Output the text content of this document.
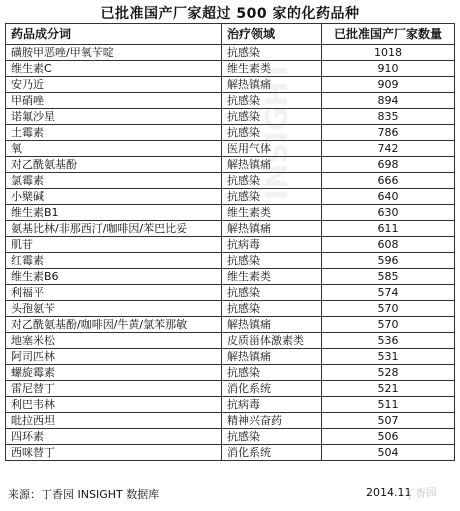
已批准国产厂家超过 500 家的化药品种
药品成分词	治疗领域	已批准国产厂家数量
磺胺甲恶唑/甲氧苄啶	抗感染	1018
维生素C	维生素类	910
安乃近	解热镇痛	909
甲硝唑	抗感染	894
诺氟沙星	抗感染	835
土霉素	抗感染	786
氧	医用气体	742
对乙酰氨基酚	解热镇痛	698
氯霉素	抗感染	666
小檗碱	抗感染	640
维生素B1	维生素类	630
氨基比林/非那西汀/咖啡因/苯巴比妥	解热镇痛	611
肌苷	抗病毒	608
红霉素	抗感染	596
维生素B6	维生素类	585
利福平	抗感染	574
头孢氨苄	抗感染	570
对乙酰氨基酚/咖啡因/牛黄/氯苯那敏	解热镇痛	570
地塞米松	皮质甾体激素类	536
阿司匹林	解热镇痛	531
螺旋霉素	抗感染	528
雷尼替丁	消化系统	521
利巴韦林	抗病毒	511
吡拉西坦	精神兴奋药	507
四环素	抗感染	506
西咪替丁	消化系统	504
INSIGHT
来源：丁香园 INSIGHT 数据库	2014.11
丁香园
